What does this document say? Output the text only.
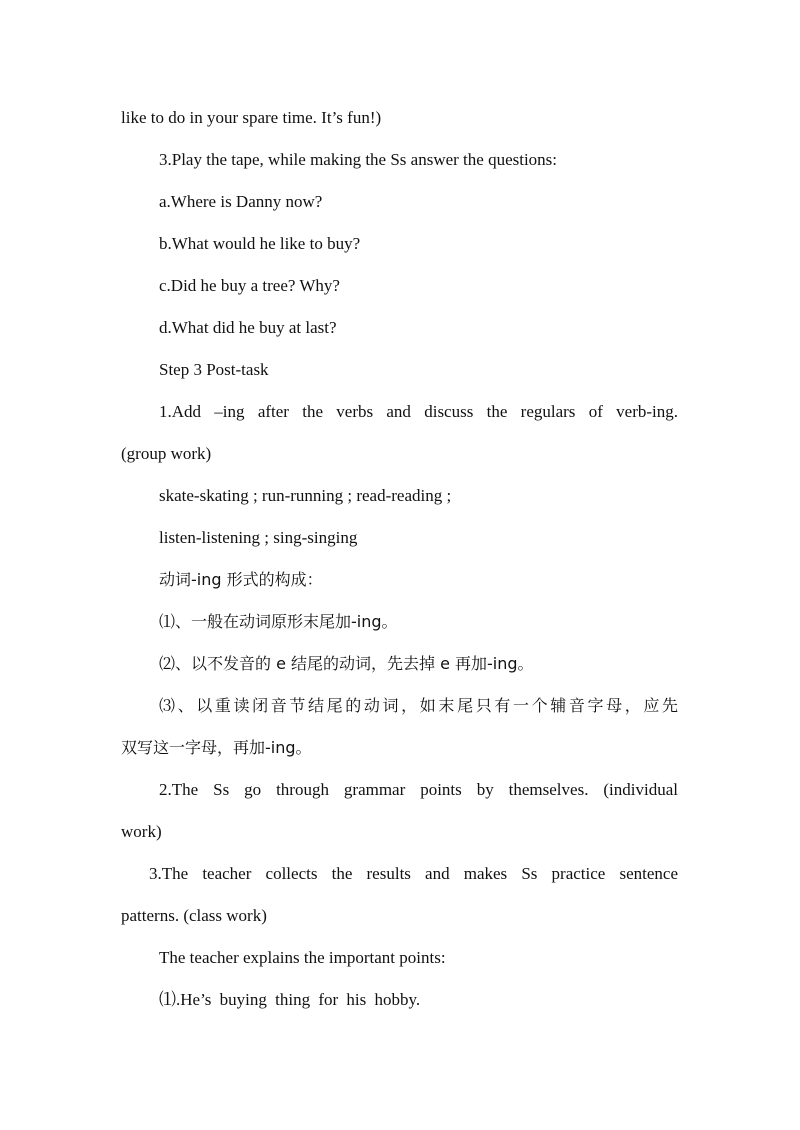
like to do in your spare time. It’s fun!)
3.Play the tape, while making the Ss answer the questions:
a.Where is Danny now?
b.What would he like to buy?
c.Did he buy a tree? Why?
d.What did he buy at last?
Step 3 Post-task
1.Add –ing after the verbs and discuss the regulars of verb-ing.
(group work)
skate-skating ; run-running ; read-reading ;
listen-listening ; sing-singing
动词-ing 形式的构成：
⑴、一般在动词原形末尾加-ing。
⑵、以不发音的 e 结尾的动词，先去掉 e 再加-ing。
⑶、以重读闭音节结尾的动词，如末尾只有一个辅音字母，应先
双写这一字母，再加-ing。
2.The Ss go through grammar points by themselves. (individual
work)
3.The teacher collects the results and makes Ss practice sentence
patterns. (class work)
The teacher explains the important points:
⑴.He’s buying thing for his hobby.
